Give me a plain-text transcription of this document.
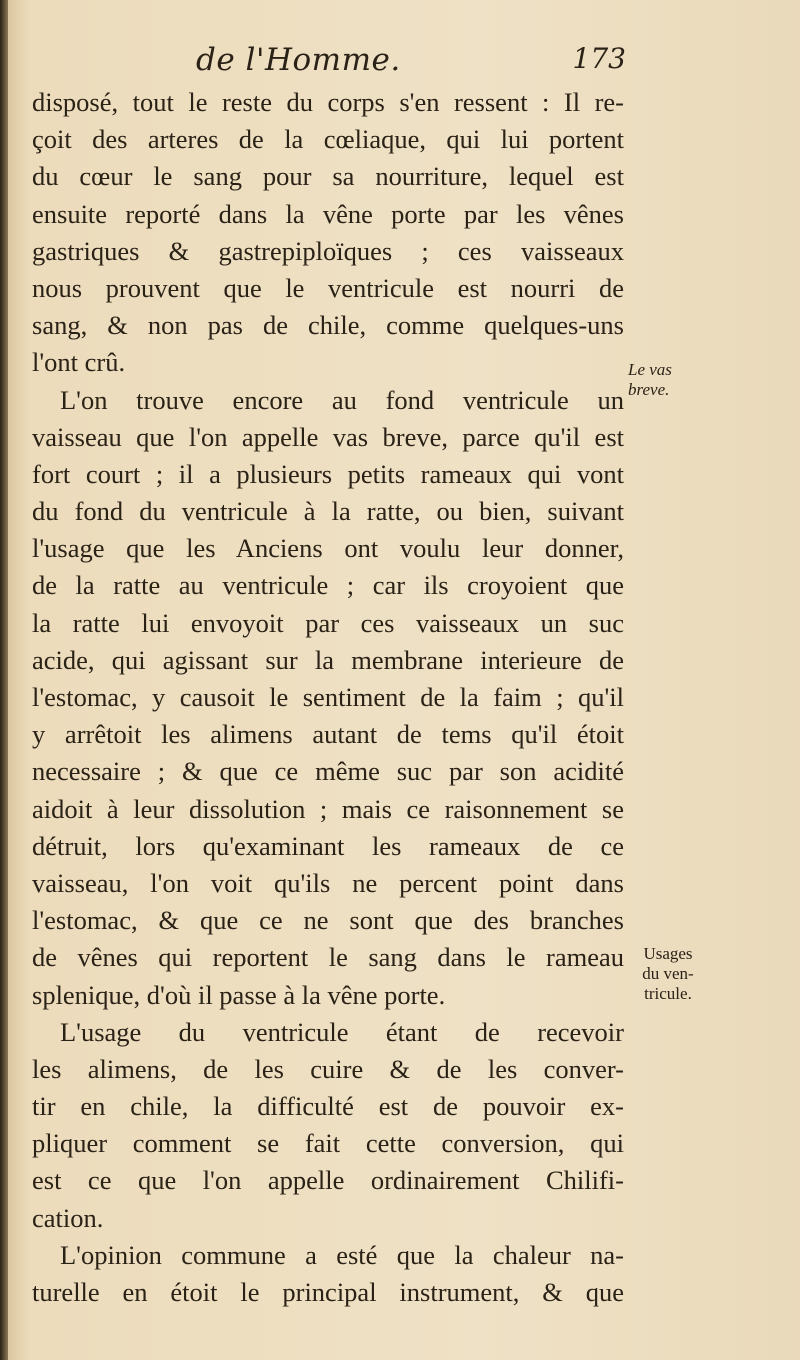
de l'Homme.	173
disposé, tout le reste du corps s'en ressent : Il re-
çoit des arteres de la cœliaque, qui lui portent
du cœur le sang pour sa nourriture, lequel est
ensuite reporté dans la vêne porte par les vênes
gastriques & gastrepiploïques ; ces vaisseaux
nous prouvent que le ventricule est nourri de
sang, & non pas de chile, comme quelques-uns
l'ont crû.
L'on trouve encore au fond ventricule un
vaisseau que l'on appelle vas breve, parce qu'il est
fort court ; il a plusieurs petits rameaux qui vont
du fond du ventricule à la ratte, ou bien, suivant
l'usage que les Anciens ont voulu leur donner,
de la ratte au ventricule ; car ils croyoient que
la ratte lui envoyoit par ces vaisseaux un suc
acide, qui agissant sur la membrane interieure de
l'estomac, y causoit le sentiment de la faim ; qu'il
y arrêtoit les alimens autant de tems qu'il étoit
necessaire ; & que ce même suc par son acidité
aidoit à leur dissolution ; mais ce raisonnement se
détruit, lors qu'examinant les rameaux de ce
vaisseau, l'on voit qu'ils ne percent point dans
l'estomac, & que ce ne sont que des branches
de vênes qui reportent le sang dans le rameau
splenique, d'où il passe à la vêne porte.
L'usage du ventricule étant de recevoir
les alimens, de les cuire & de les conver-
tir en chile, la difficulté est de pouvoir ex-
pliquer comment se fait cette conversion, qui
est ce que l'on appelle ordinairement Chilifi-
cation.
L'opinion commune a esté que la chaleur na-
turelle en étoit le principal instrument, & que
Le vas
breve.
Usages
du ven-
tricule.
